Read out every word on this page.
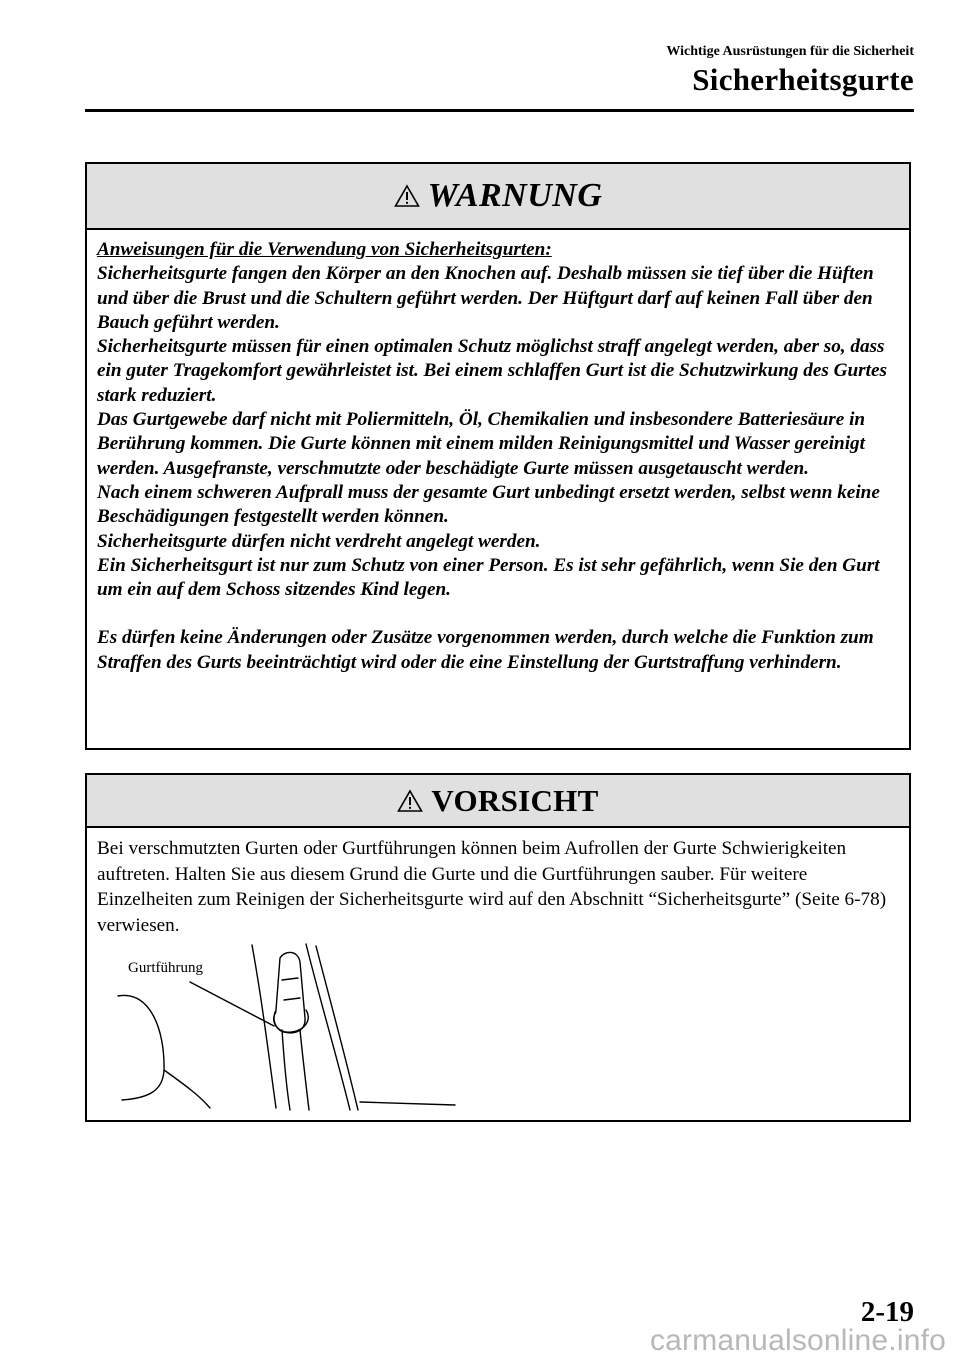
Wichtige Ausrüstungen für die Sicherheit
Sicherheitsgurte
WARNUNG

Anweisungen für die Verwendung von Sicherheitsgurten:

Sicherheitsgurte fangen den Körper an den Knochen auf. Deshalb müssen sie tief über die Hüften und über die Brust und die Schultern geführt werden. Der Hüftgurt darf auf keinen Fall über den Bauch geführt werden.

Sicherheitsgurte müssen für einen optimalen Schutz möglichst straff angelegt werden, aber so, dass ein guter Tragekomfort gewährleistet ist. Bei einem schlaffen Gurt ist die Schutzwirkung des Gurtes stark reduziert.

Das Gurtgewebe darf nicht mit Poliermitteln, Öl, Chemikalien und insbesondere Batteriesäure in Berührung kommen. Die Gurte können mit einem milden Reinigungsmittel und Wasser gereinigt werden. Ausgefranste, verschmutzte oder beschädigte Gurte müssen ausgetauscht werden.

Nach einem schweren Aufprall muss der gesamte Gurt unbedingt ersetzt werden, selbst wenn keine Beschädigungen festgestellt werden können.

Sicherheitsgurte dürfen nicht verdreht angelegt werden.

Ein Sicherheitsgurt ist nur zum Schutz von einer Person. Es ist sehr gefährlich, wenn Sie den Gurt um ein auf dem Schoss sitzendes Kind legen.

Es dürfen keine Änderungen oder Zusätze vorgenommen werden, durch welche die Funktion zum Straffen des Gurts beeinträchtigt wird oder die eine Einstellung der Gurtstraffung verhindern.

VORSICHT

Bei verschmutzten Gurten oder Gurtführungen können beim Aufrollen der Gurte Schwierigkeiten auftreten. Halten Sie aus diesem Grund die Gurte und die Gurtführungen sauber. Für weitere Einzelheiten zum Reinigen der Sicherheitsgurte wird auf den Abschnitt “Sicherheitsgurte” (Seite 6-78) verwiesen.

Gurtführung
2-19
carmanualsonline.info
